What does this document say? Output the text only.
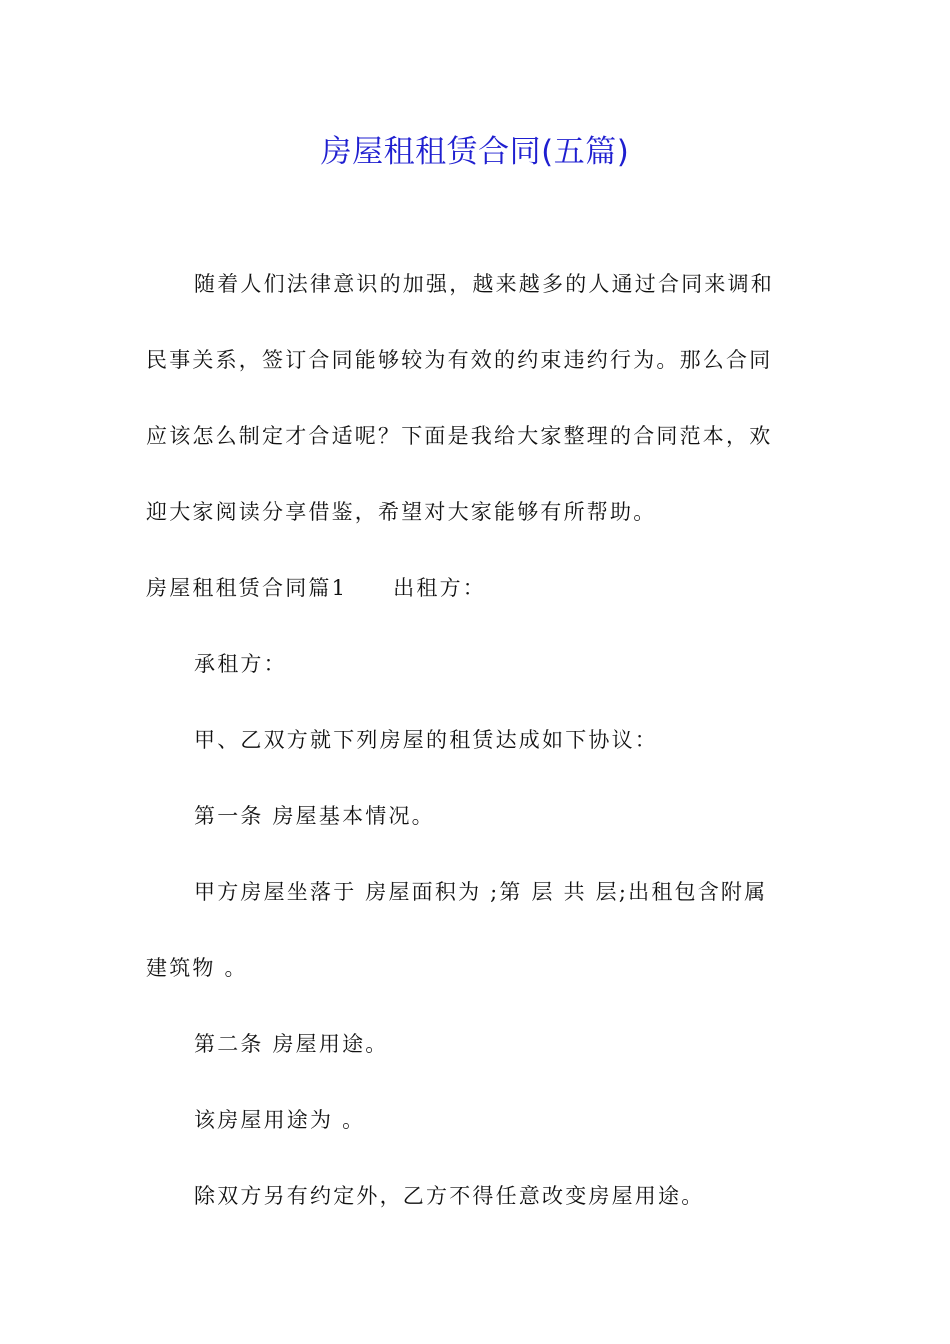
房屋租租赁合同(五篇)
随着人们法律意识的加强，越来越多的人通过合同来调和
民事关系，签订合同能够较为有效的约束违约行为。那么合同
应该怎么制定才合适呢？下面是我给大家整理的合同范本，欢
迎大家阅读分享借鉴，希望对大家能够有所帮助。
房屋租租赁合同篇1 出租方：
承租方：
甲、乙双方就下列房屋的租赁达成如下协议：
第一条 房屋基本情况。
甲方房屋坐落于 房屋面积为 ;第 层 共 层;出租包含附属
建筑物 。
第二条 房屋用途。
该房屋用途为 。
除双方另有约定外，乙方不得任意改变房屋用途。
